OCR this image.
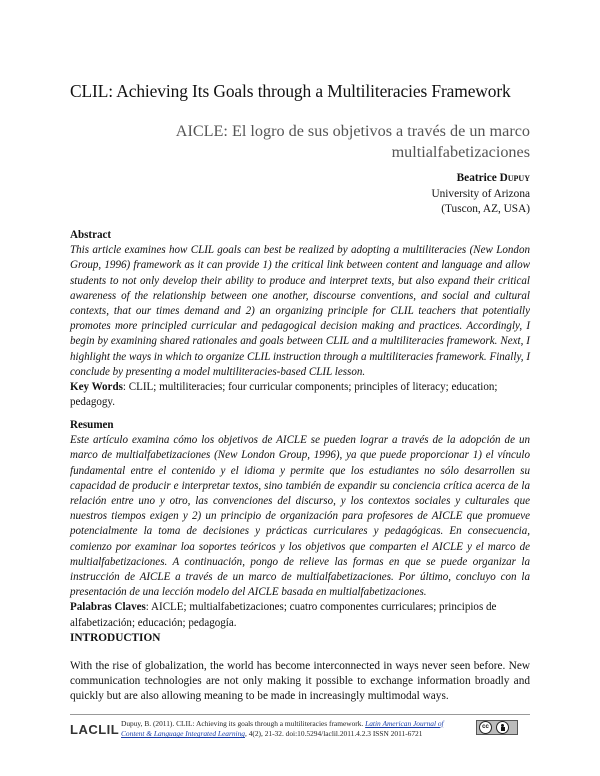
CLIL: Achieving Its Goals through a Multiliteracies Framework
AICLE: El logro de sus objetivos a través de un marco multialfabetizaciones
Beatrice Dupuy
University of Arizona
(Tuscon, AZ, USA)
Abstract
This article examines how CLIL goals can best be realized by adopting a multiliteracies (New London Group, 1996) framework as it can provide 1) the critical link between content and language and allow students to not only develop their ability to produce and interpret texts, but also expand their critical awareness of the relationship between one another, discourse conventions, and social and cultural contexts, that our times demand and 2) an organizing principle for CLIL teachers that potentially promotes more principled curricular and pedagogical decision making and practices. Accordingly, I begin by examining shared rationales and goals between CLIL and a multiliteracies framework. Next, I highlight the ways in which to organize CLIL instruction through a multiliteracies framework. Finally, I conclude by presenting a model multiliteracies-based CLIL lesson.
Key Words: CLIL; multiliteracies; four curricular components; principles of literacy; education; pedagogy.
Resumen
Este artículo examina cómo los objetivos de AICLE se pueden lograr a través de la adopción de un marco de multialfabetizaciones (New London Group, 1996), ya que puede proporcionar 1) el vínculo fundamental entre el contenido y el idioma y permite que los estudiantes no sólo desarrollen su capacidad de producir e interpretar textos, sino también de expandir su conciencia crítica acerca de la relación entre uno y otro, las convenciones del discurso, y los contextos sociales y culturales que nuestros tiempos exigen y 2) un principio de organización para profesores de AICLE que promueve potencialmente la toma de decisiones y prácticas curriculares y pedagógicas. En consecuencia, comienzo por examinar loa soportes teóricos y los objetivos que comparten el AICLE y el marco de multialfabetizaciones. A continuación, pongo de relieve las formas en que se puede organizar la instrucción de AICLE a través de un marco de multialfabetizaciones. Por último, concluyo con la presentación de una lección modelo del AICLE basada en multialfabetizaciones.
Palabras Claves: AICLE; multialfabetizaciones; cuatro componentes curriculares; principios de alfabetización; educación; pedagogía.
INTRODUCTION
With the rise of globalization, the world has become interconnected in ways never seen before. New communication technologies are not only making it possible to exchange information broadly and quickly but are also allowing meaning to be made in increasingly multimodal ways.
LACLIL Dupuy, B. (2011). CLIL: Achieving its goals through a multiliteracies framework. Latin American Journal of Content & Language Integrated Learning, 4(2), 21-32. doi:10.5294/laclil.2011.4.2.3 ISSN 2011-6721
cc
